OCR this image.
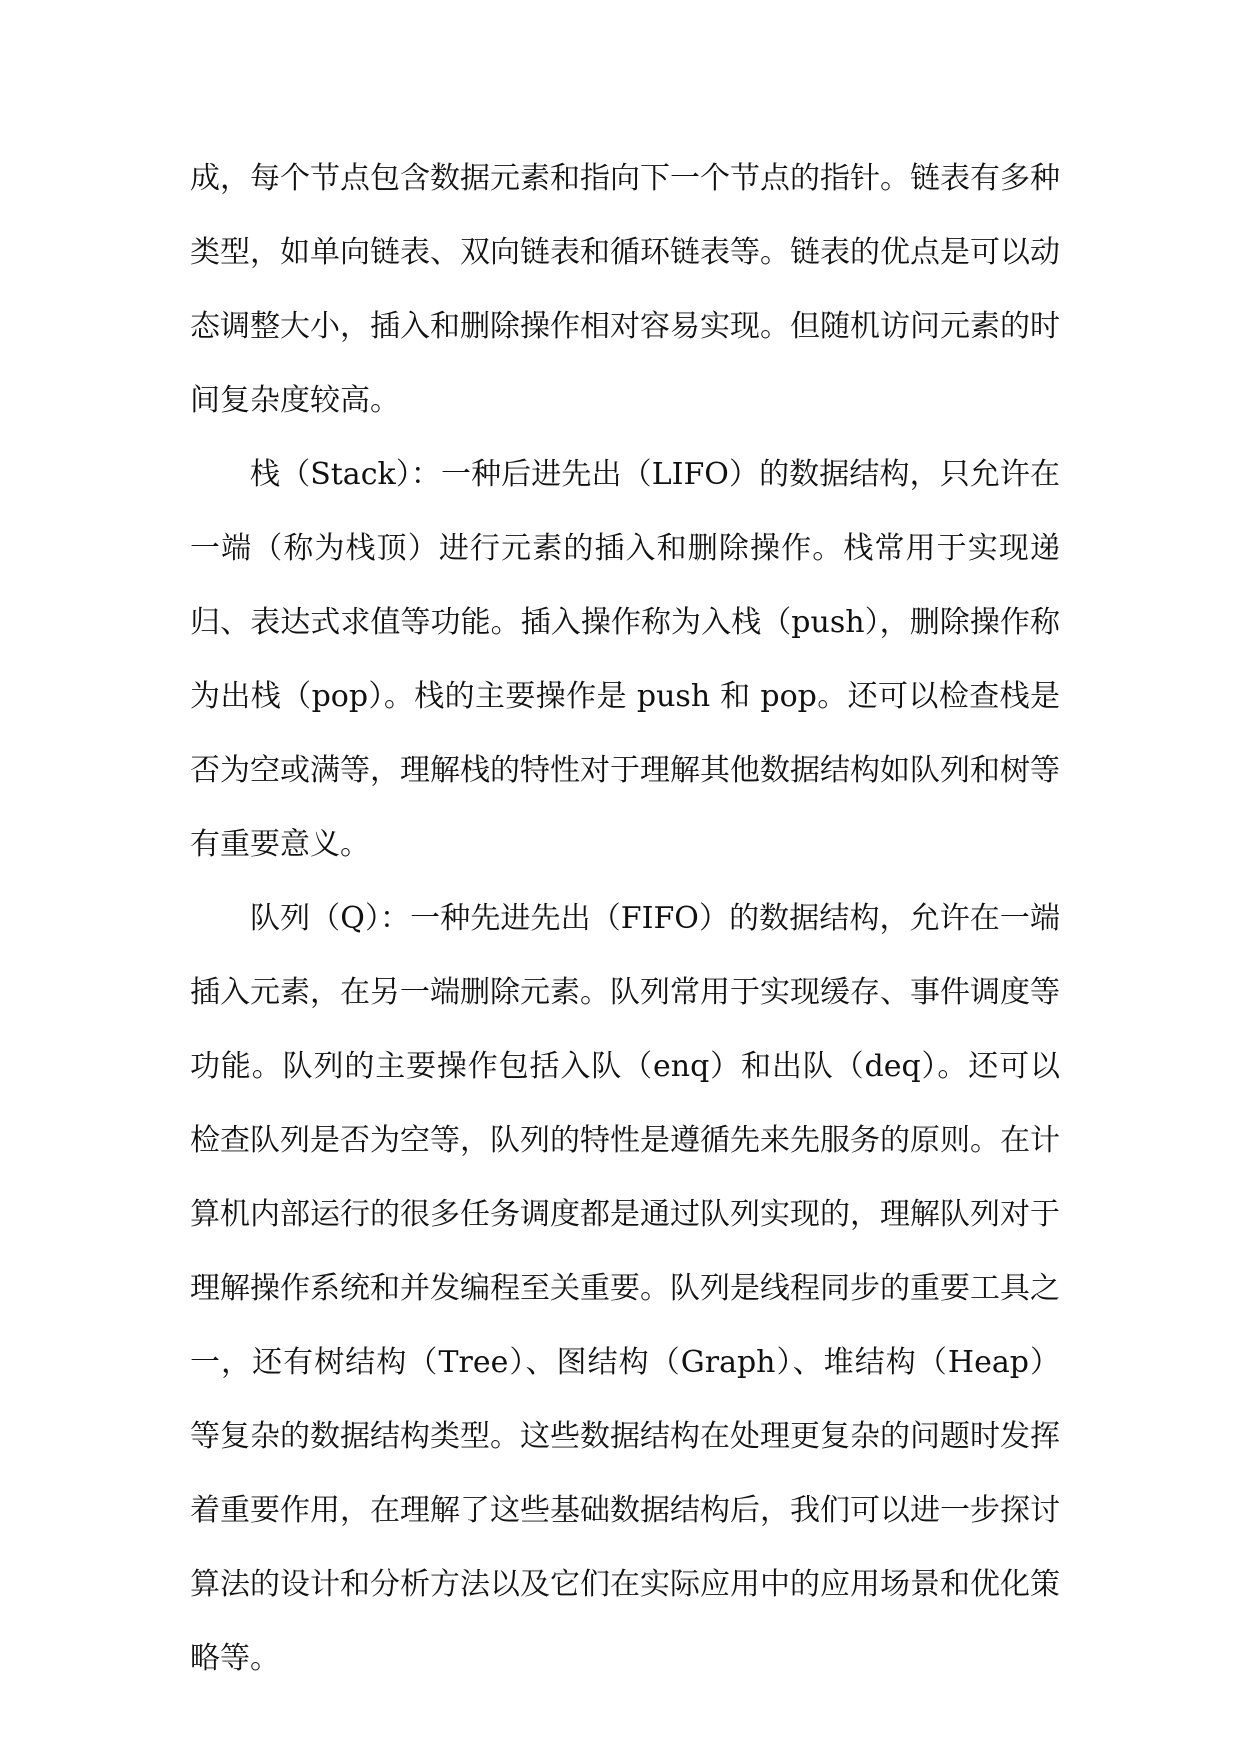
成，每个节点包含数据元素和指向下一个节点的指针。链表有多种类型，如单向链表、双向链表和循环链表等。链表的优点是可以动态调整大小，插入和删除操作相对容易实现。但随机访问元素的时间复杂度较高。

栈（Stack）：一种后进先出（LIFO）的数据结构，只允许在一端（称为栈顶）进行元素的插入和删除操作。栈常用于实现递归、表达式求值等功能。插入操作称为入栈（push），删除操作称为出栈（pop）。栈的主要操作是 push 和 pop。还可以检查栈是否为空或满等，理解栈的特性对于理解其他数据结构如队列和树等有重要意义。

队列（Q）：一种先进先出（FIFO）的数据结构，允许在一端插入元素，在另一端删除元素。队列常用于实现缓存、事件调度等功能。队列的主要操作包括入队（enq）和出队（deq）。还可以检查队列是否为空等，队列的特性是遵循先来先服务的原则。在计算机内部运行的很多任务调度都是通过队列实现的，理解队列对于理解操作系统和并发编程至关重要。队列是线程同步的重要工具之一，还有树结构（Tree）、图结构（Graph）、堆结构（Heap）等复杂的数据结构类型。这些数据结构在处理更复杂的问题时发挥着重要作用，在理解了这些基础数据结构后，我们可以进一步探讨算法的设计和分析方法以及它们在实际应用中的应用场景和优化策略等。
